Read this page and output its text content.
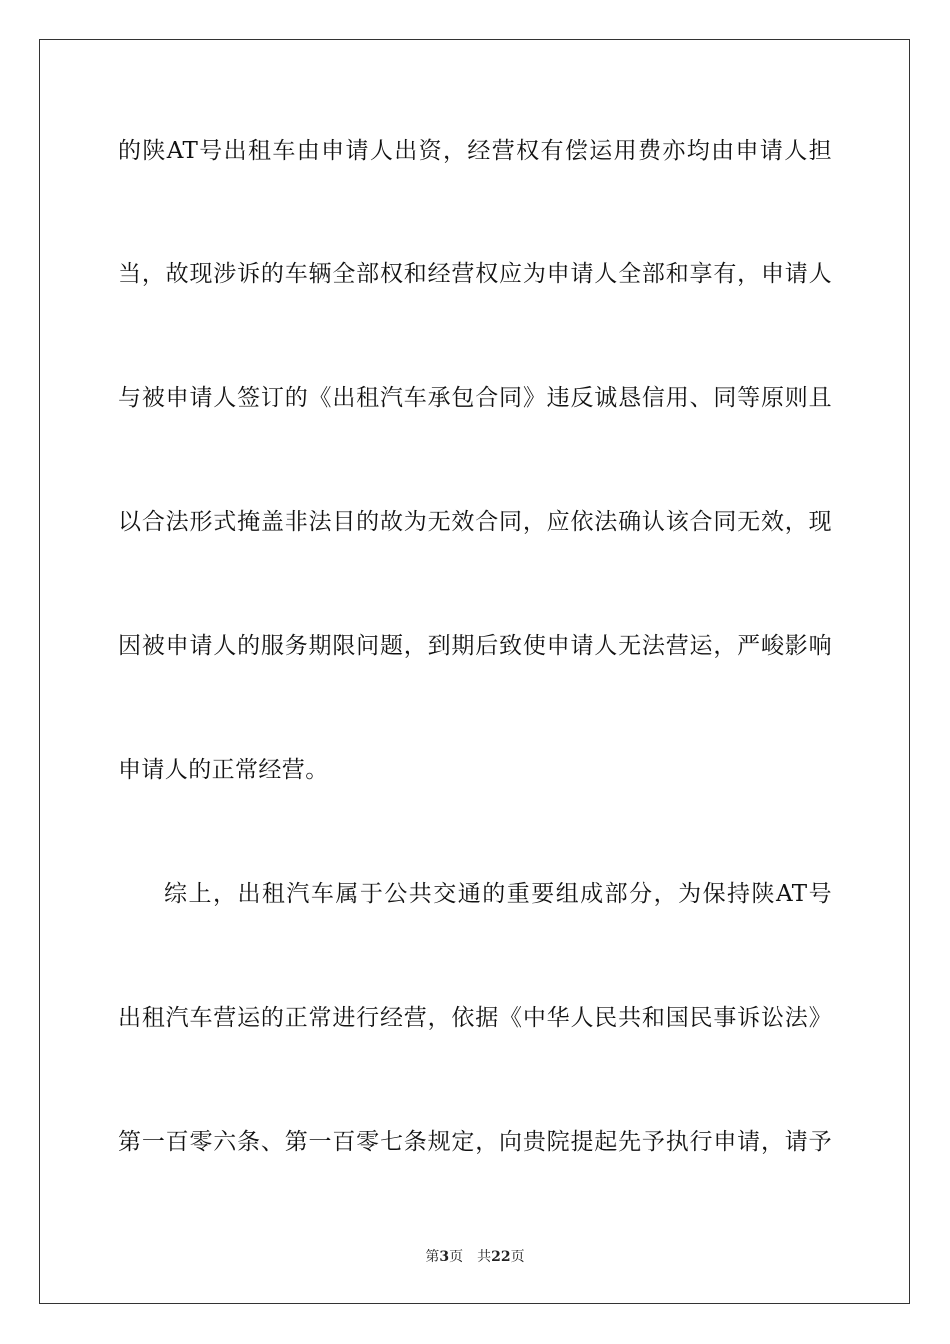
的陕AT号出租车由申请人出资，经营权有偿运用费亦均由申请人担
当，故现涉诉的车辆全部权和经营权应为申请人全部和享有，申请人
与被申请人签订的《出租汽车承包合同》违反诚恳信用、同等原则且
以合法形式掩盖非法目的故为无效合同，应依法确认该合同无效，现
因被申请人的服务期限问题，到期后致使申请人无法营运，严峻影响
申请人的正常经营。
综上，出租汽车属于公共交通的重要组成部分，为保持陕AT号
出租汽车营运的正常进行经营，依据《中华人民共和国民事诉讼法》
第一百零六条、第一百零七条规定，向贵院提起先予执行申请，请予
第3页 共22页
